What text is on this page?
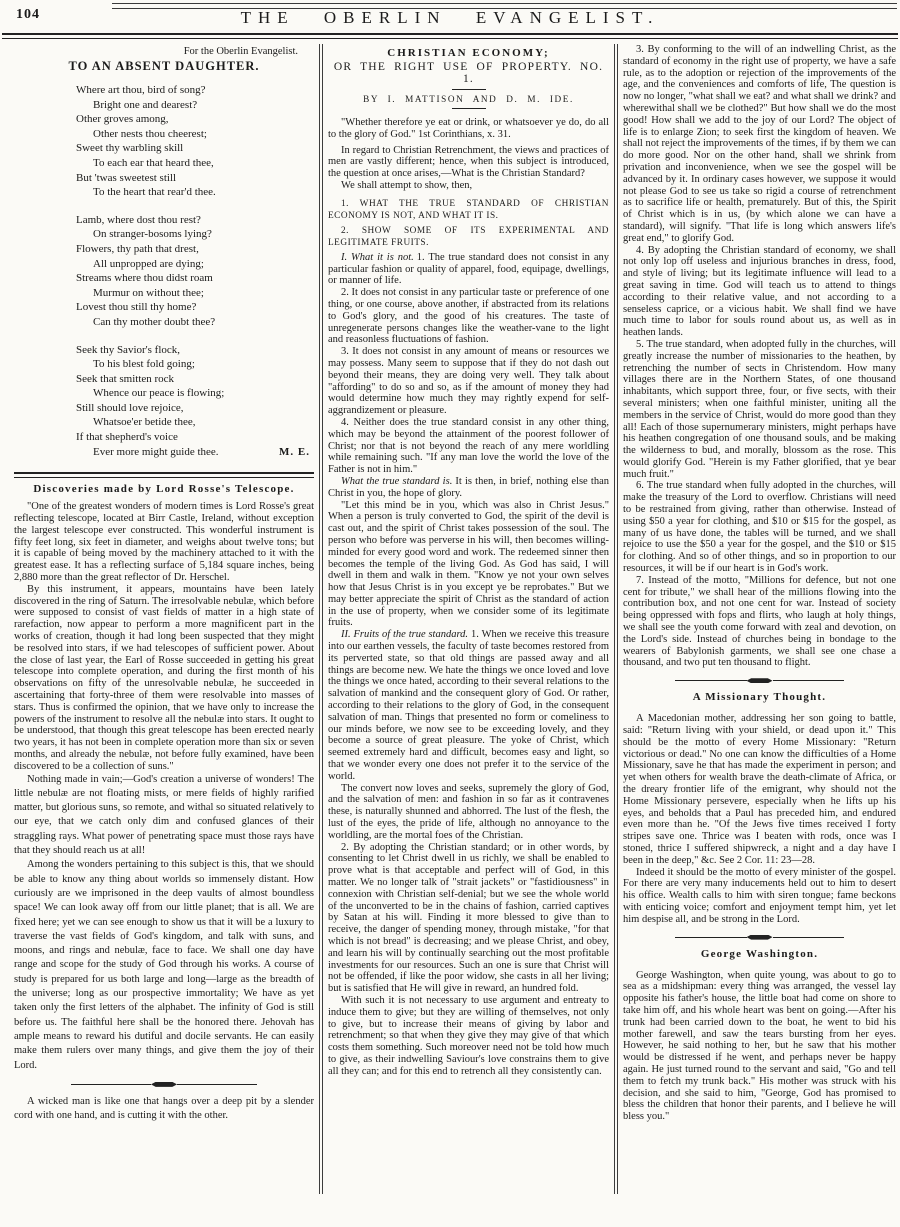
104	THE OBERLIN EVANGELIST.
For the Oberlin Evangelist.
TO AN ABSENT DAUGHTER.
Where art thou, bird of song?
Bright one and dearest?
Other groves among,
Other nests thou cheerest;
Sweet thy warbling skill
To each ear that heard thee,
But 'twas sweetest still
To the heart that rear'd thee.
Lamb, where dost thou rest?
On stranger-bosoms lying?
Flowers, thy path that drest,
All unpropped are dying;
Streams where thou didst roam
Murmur on without thee;
Lovest thou still thy home?
Can thy mother doubt thee?
Seek thy Savior's flock,
To his blest fold going;
Seek that smitten rock
Whence our peace is flowing;
Still should love rejoice,
Whatsoe'er betide thee,
If that shepherd's voice
Ever more might guide thee.	M. E.
Discoveries made by Lord Rosse's Telescope.

"One of the greatest wonders of modern times is Lord Rosse's great reflecting telescope, located at Birr Castle, Ireland, without exception the largest telescope ever constructed. This wonderful instrument is fifty feet long, six feet in diameter, and weighs about twelve tons; but it is capable of being moved by the machinery attached to it with the greatest ease. It has a reflecting surface of 5,184 square inches, being 2,880 more than the great reflector of Dr. Herschel.

By this instrument, it appears, mountains have been lately discovered in the ring of Saturn. The irresolvable nebulæ, which before were supposed to consist of vast fields of matter in a high state of rarefaction, now appear to perform a more magnificent part in the works of creation, though it had long been suspected that they might be resolved into stars, if we had telescopes of sufficient power. About the close of last year, the Earl of Rosse succeeded in getting his great telescope into complete operation, and during the first month of his observations on fifty of the unresolvable nebulæ, he succeeded in ascertaining that forty-three of them were resolvable into masses of stars. Thus is confirmed the opinion, that we have only to increase the powers of the instrument to resolve all the nebulæ into stars. It ought to be understood, that though this great telescope has been erected nearly two years, it has not been in complete operation more than six or seven months, and already the nebulæ, not before fully examined, have been discovered to be a collection of suns."

Nothing made in vain;—God's creation a universe of wonders! The little nebulæ are not floating mists, or mere fields of highly rarified matter, but glorious suns, so remote, and withal so situated relatively to our eye, that we catch only dim and confused glances of their straggling rays. What power of penetrating space must those rays have that they should reach us at all!

Among the wonders pertaining to this subject is this, that we should be able to know any thing about worlds so immensely distant. How curiously are we imprisoned in the deep vaults of almost boundless space! We can look away off from our little planet; that is all. We are fixed here; yet we can see enough to show us that it will be a luxury to traverse the vast fields of God's kingdom, and talk with suns, and moons, and rings and nebulæ, face to face. We shall one day have range and scope for the study of God through his works. A course of study is prepared for us both large and long—large as the breadth of the universe; long as our prospective immortality; We have as yet taken only the first letters of the alphabet. The infinity of God is still before us. The faithful here shall be the honored there. Jehovah has ample means to reward his dutiful and docile servants. He can easily make them rulers over many things, and give them the joy of their Lord.

A wicked man is like one that hangs over a deep pit by a slender cord with one hand, and is cutting it with the other.

CHRISTIAN ECONOMY;
OR THE RIGHT USE OF PROPERTY. NO. 1.
BY I. MATTISON AND D. M. IDE.

"Whether therefore ye eat or drink, or whatsoever ye do, do all to the glory of God." 1st Corinthians, x. 31.

In regard to Christian Retrenchment, the views and practices of men are vastly different; hence, when this subject is introduced, the question at once arises,—What is the Christian Standard?

We shall attempt to show, then,

1. WHAT THE TRUE STANDARD OF CHRISTIAN ECONOMY IS NOT, AND WHAT IT IS.

2. SHOW SOME OF ITS EXPERIMENTAL AND LEGITIMATE FRUITS.

I. What it is not. 1. The true standard does not consist in any particular fashion or quality of apparel, food, equipage, dwellings, or manner of life.

2. It does not consist in any particular taste or preference of one thing, or one course, above another, if abstracted from its relations to God's glory, and the good of his creatures. The taste of unregenerate persons changes like the weather-vane to the light and reasonless fluctuations of fashion.

3. It does not consist in any amount of means or resources we may possess. Many seem to suppose that if they do not dash out beyond their means, they are doing very well. They talk about "affording" to do so and so, as if the amount of money they had would determine how much they may rightly expend for self-aggrandizement or pleasure.

4. Neither does the true standard consist in any other thing, which may be beyond the attainment of the poorest follower of Christ; nor that is not beyond the reach of any mere worldling while remaining such. "If any man love the world the love of the Father is not in him."

What the true standard is. It is then, in brief, nothing else than Christ in you, the hope of glory.

"Let this mind be in you, which was also in Christ Jesus." When a person is truly converted to God, the spirit of the devil is cast out, and the spirit of Christ takes possession of the soul. The person who before was perverse in his will, then becomes willing-minded for every good word and work. The redeemed sinner then becomes the temple of the living God. As God has said, I will dwell in them and walk in them. "Know ye not your own selves how that Jesus Christ is in you except ye be reprobates." But we may better appreciate the spirit of Christ as the standard of action in the use of property, when we consider some of its legitimate fruits.

II. Fruits of the true standard. 1. When we receive this treasure into our earthen vessels, the faculty of taste becomes restored from its perverted state, so that old things are passed away and all things are become new. We hate the things we once loved and love the things we once hated, according to their several relations to the salvation of mankind and the consequent glory of God. Or rather, according to their relations to the glory of God, in the consequent salvation of man. Things that presented no form or comeliness to our minds before, we now see to be exceeding lovely, and they become a source of great pleasure. The yoke of Christ, which seemed extremely hard and difficult, becomes easy and light, so that we wonder every one does not prefer it to the service of the world.

The convert now loves and seeks, supremely the glory of God, and the salvation of men: and fashion in so far as it contravenes these, is naturally shunned and abhorred. The lust of the flesh, the lust of the eyes, the pride of life, although no annoyance to the worldling, are the mortal foes of the Christian.

2. By adopting the Christian standard; or in other words, by consenting to let Christ dwell in us richly, we shall be enabled to prove what is that acceptable and perfect will of God, in this matter. We no longer talk of "strait jackets" or "fastidiousness" in connexion with Christian self-denial; but we see the whole world of the unconverted to be in the chains of fashion, carried captives by Satan at his will. Finding it more blessed to give than to receive, the danger of spending money, through mistake, "for that which is not bread" is decreasing; and we please Christ, and obey, and learn his will by continually searching out the most profitable investments for our resources. Such an one is sure that Christ will not be offended, if like the poor widow, she casts in all her living; but is satisfied that He will give in reward, an hundred fold.

With such it is not necessary to use argument and entreaty to induce them to give; but they are willing of themselves, not only to give, but to increase their means of giving by labor and retrenchment; so that when they give they may give of that which costs them something. Such moreover need not be told how much to give, as their indwelling Saviour's love constrains them to give all they can; and for this end to retrench all they consistently can.

3. By conforming to the will of an indwelling Christ, as the standard of economy in the right use of property, we have a safe rule, as to the adoption or rejection of the improvements of the age, and the conveniences and comforts of life, The question is now no longer, "what shall we eat? and what shall we drink? and wherewithal shall we be clothed?" But how shall we do the most good! How shall we add to the joy of our Lord? The object of life is to enlarge Zion; to seek first the kingdom of heaven. We shall not reject the improvements of the times, if by them we can do more good. Nor on the other hand, shall we shrink from privation and inconvenience, when we see the gospel will be advanced by it. In ordinary cases however, we suppose it would not please God to see us take so rigid a course of retrenchment as to sacrifice life or health, prematurely. But of this, the Spirit of Christ which is in us, (by which alone we can have a standard), will signify. "That life is long which answers life's great end," to glorify God.

4. By adopting the Christian standard of economy, we shall not only lop off useless and injurious branches in dress, food, and style of living; but its legitimate influence will lead to a great saving in time. God will teach us to attend to things according to their relative value, and not according to a senseless caprice, or a vicious habit. We shall find we have much time to labor for souls round about us, as well as in heathen lands.

5. The true standard, when adopted fully in the churches, will greatly increase the number of missionaries to the heathen, by retrenching the number of sects in Christendom. How many villages there are in the Northern States, of one thousand inhabitants, which support three, four, or five sects, with their several ministers; when one faithful minister, uniting all the members in the service of Christ, would do more good than they all! Each of those supernumerary ministers, might perhaps have his heathen congregation of one thousand souls, and be making the wilderness to bud, and morally, blossom as the rose. This would glorify God. "Herein is my Father glorified, that ye bear much fruit."

6. The true standard when fully adopted in the churches, will make the treasury of the Lord to overflow. Christians will need to be restrained from giving, rather than otherwise. Instead of using $50 a year for clothing, and $10 or $15 for the gospel, as many of us have done, the tables will be turned, and we shall rejoice to use the $50 a year for the gospel, and the $10 or $15 for clothing. And so of other things, and so in proportion to our resources, it will be if our heart is in God's work.

7. Instead of the motto, "Millions for defence, but not one cent for tribute," we shall hear of the millions flowing into the contribution box, and not one cent for war. Instead of society being oppressed with fops and flirts, who laugh at holy things, we shall see the youth come forward with zeal and devotion, on the Lord's side. Instead of churches being in bondage to the wearers of Babylonish garments, we shall see one chase a thousand, and two put ten thousand to flight.

A Missionary Thought.

A Macedonian mother, addressing her son going to battle, said: "Return living with your shield, or dead upon it." This should be the motto of every Home Missionary: "Return victorious or dead." No one can know the difficulties of a Home Missionary, save he that has made the experiment in person; and yet when others for wealth brave the death-climate of Africa, or the dreary frontier life of the emigrant, why should not the Home Missionary persevere, especially when he lifts up his eyes, and beholds that a Paul has preceded him, and endured even more than he. "Of the Jews five times received I forty stripes save one. Thrice was I beaten with rods, once was I stoned, thrice I suffered shipwreck, a night and a day have I been in the deep," &c. See 2 Cor. 11: 23—28.

Indeed it should be the motto of every minister of the gospel. For there are very many inducements held out to him to desert his office. Wealth calls to him with siren tongue; fame beckons with enticing voice; comfort and enjoyment tempt him, yet let him despise all, and be strong in the Lord.

George Washington.

George Washington, when quite young, was about to go to sea as a midshipman: every thing was arranged, the vessel lay opposite his father's house, the little boat had come on shore to take him off, and his whole heart was bent on going.—After his trunk had been carried down to the boat, he went to bid his mother farewell, and saw the tears bursting from her eyes. However, he said nothing to her, but he saw that his mother would be distressed if he went, and perhaps never be happy again. He just turned round to the servant and said, "Go and tell them to fetch my trunk back." His mother was struck with his decision, and she said to him, "George, God has promised to bless the children that honor their parents, and I believe he will bless you."
